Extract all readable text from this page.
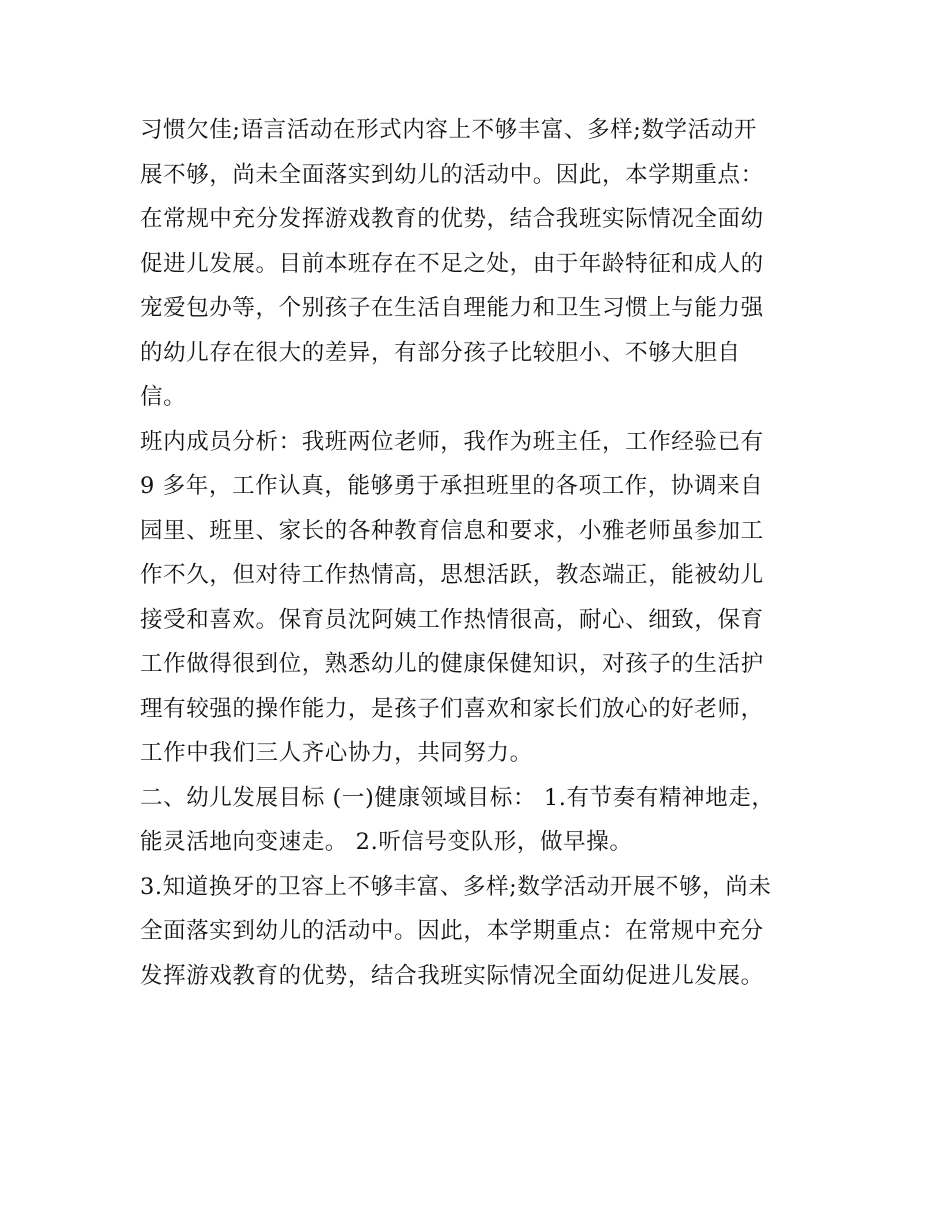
习惯欠佳;语言活动在形式内容上不够丰富、多样;数学活动开
展不够，尚未全面落实到幼儿的活动中。因此，本学期重点：
在常规中充分发挥游戏教育的优势，结合我班实际情况全面幼
促进儿发展。目前本班存在不足之处，由于年龄特征和成人的
宠爱包办等，个别孩子在生活自理能力和卫生习惯上与能力强
的幼儿存在很大的差异，有部分孩子比较胆小、不够大胆自
信。
班内成员分析：我班两位老师，我作为班主任，工作经验已有
9 多年，工作认真，能够勇于承担班里的各项工作，协调来自
园里、班里、家长的各种教育信息和要求，小雅老师虽参加工
作不久，但对待工作热情高，思想活跃，教态端正，能被幼儿
接受和喜欢。保育员沈阿姨工作热情很高，耐心、细致，保育
工作做得很到位，熟悉幼儿的健康保健知识，对孩子的生活护
理有较强的操作能力，是孩子们喜欢和家长们放心的好老师，
工作中我们三人齐心协力，共同努力。
二、幼儿发展目标 (一)健康领域目标： 1.有节奏有精神地走，
能灵活地向变速走。 2.听信号变队形，做早操。
3.知道换牙的卫容上不够丰富、多样;数学活动开展不够，尚未
全面落实到幼儿的活动中。因此，本学期重点：在常规中充分
发挥游戏教育的优势，结合我班实际情况全面幼促进儿发展。
